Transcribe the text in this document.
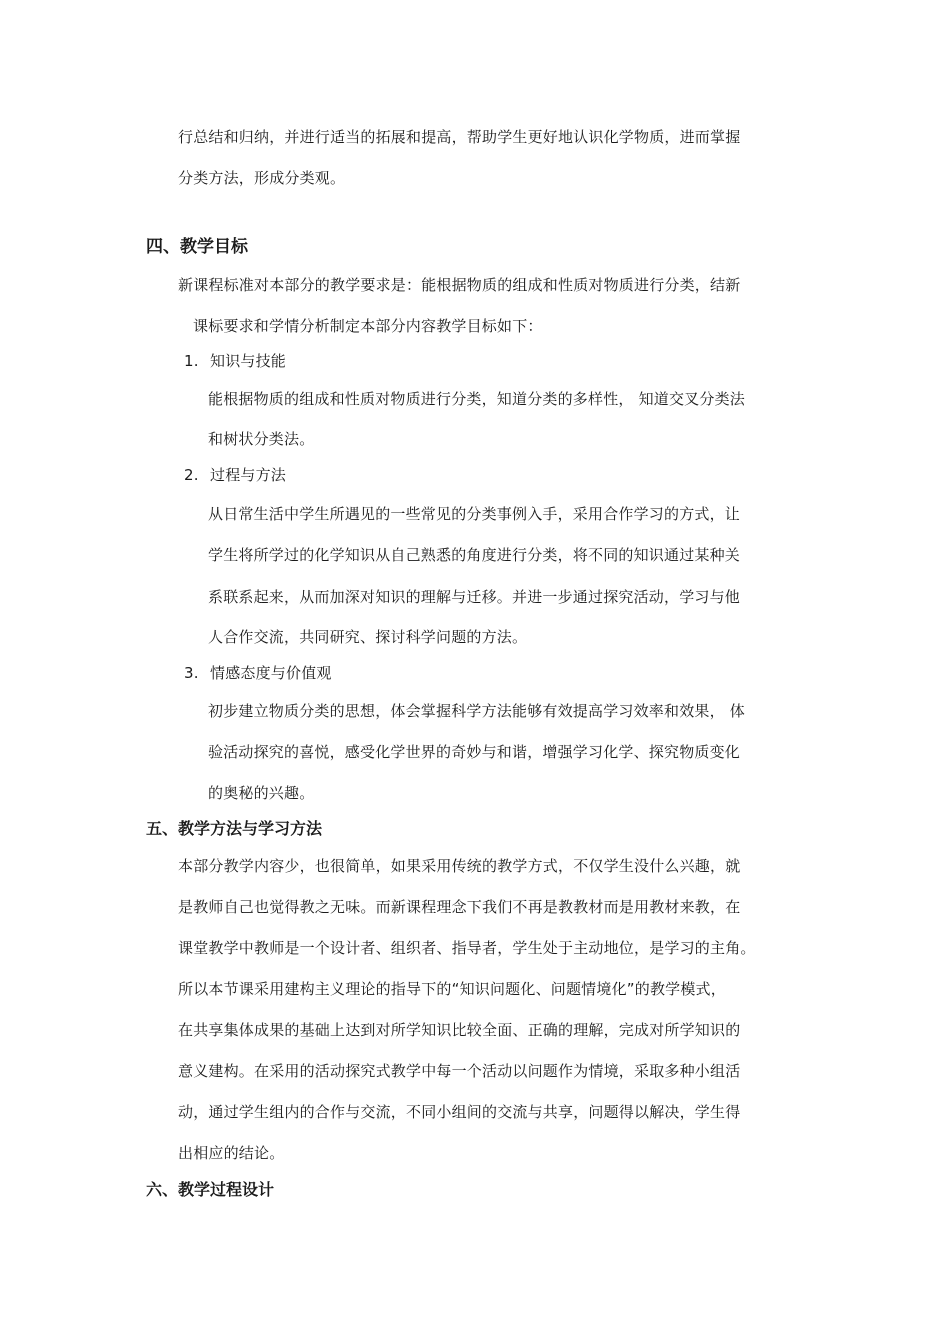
行总结和归纳，并进行适当的拓展和提高，帮助学生更好地认识化学物质，进而掌握
分类方法，形成分类观。
四、教学目标
新课程标准对本部分的教学要求是：能根据物质的组成和性质对物质进行分类，结新
课标要求和学情分析制定本部分内容教学目标如下：
1. 知识与技能
能根据物质的组成和性质对物质进行分类，知道分类的多样性， 知道交叉分类法
和树状分类法。
2. 过程与方法
从日常生活中学生所遇见的一些常见的分类事例入手，采用合作学习的方式，让
学生将所学过的化学知识从自己熟悉的角度进行分类，将不同的知识通过某种关
系联系起来，从而加深对知识的理解与迁移。并进一步通过探究活动，学习与他
人合作交流，共同研究、探讨科学问题的方法。
3. 情感态度与价值观
初步建立物质分类的思想，体会掌握科学方法能够有效提高学习效率和效果， 体
验活动探究的喜悦，感受化学世界的奇妙与和谐，增强学习化学、探究物质变化
的奥秘的兴趣。
五、教学方法与学习方法
本部分教学内容少，也很简单，如果采用传统的教学方式，不仅学生没什么兴趣，就
是教师自己也觉得教之无味。而新课程理念下我们不再是教教材而是用教材来教，在
课堂教学中教师是一个设计者、组织者、指导者，学生处于主动地位，是学习的主角。
所以本节课采用建构主义理论的指导下的“知识问题化、问题情境化”的教学模式，
在共享集体成果的基础上达到对所学知识比较全面、正确的理解，完成对所学知识的
意义建构。在采用的活动探究式教学中每一个活动以问题作为情境，采取多种小组活
动，通过学生组内的合作与交流，不同小组间的交流与共享，问题得以解决，学生得
出相应的结论。
六、教学过程设计
